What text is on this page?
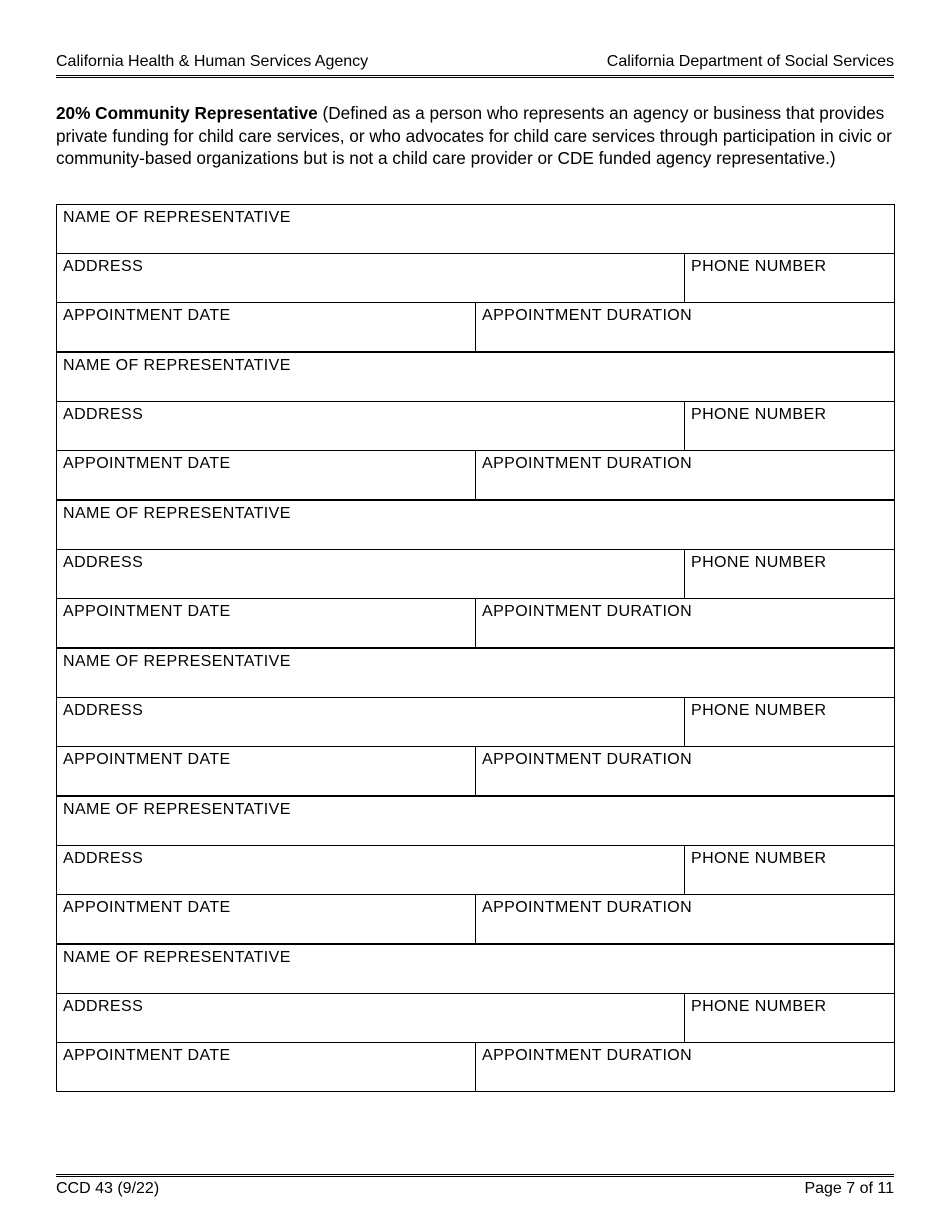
California Health & Human Services Agency	California Department of Social Services
20% Community Representative (Defined as a person who represents an agency or business that provides private funding for child care services, or who advocates for child care services through participation in civic or community-based organizations but is not a child care provider or CDE funded agency representative.)
NAME OF REPRESENTATIVE
ADDRESS	PHONE NUMBER
APPOINTMENT DATE	APPOINTMENT DURATION
NAME OF REPRESENTATIVE
ADDRESS	PHONE NUMBER
APPOINTMENT DATE	APPOINTMENT DURATION
NAME OF REPRESENTATIVE
ADDRESS	PHONE NUMBER
APPOINTMENT DATE	APPOINTMENT DURATION
NAME OF REPRESENTATIVE
ADDRESS	PHONE NUMBER
APPOINTMENT DATE	APPOINTMENT DURATION
NAME OF REPRESENTATIVE
ADDRESS	PHONE NUMBER
APPOINTMENT DATE	APPOINTMENT DURATION
NAME OF REPRESENTATIVE
ADDRESS	PHONE NUMBER
APPOINTMENT DATE	APPOINTMENT DURATION
CCD 43 (9/22)	Page 7 of 11
